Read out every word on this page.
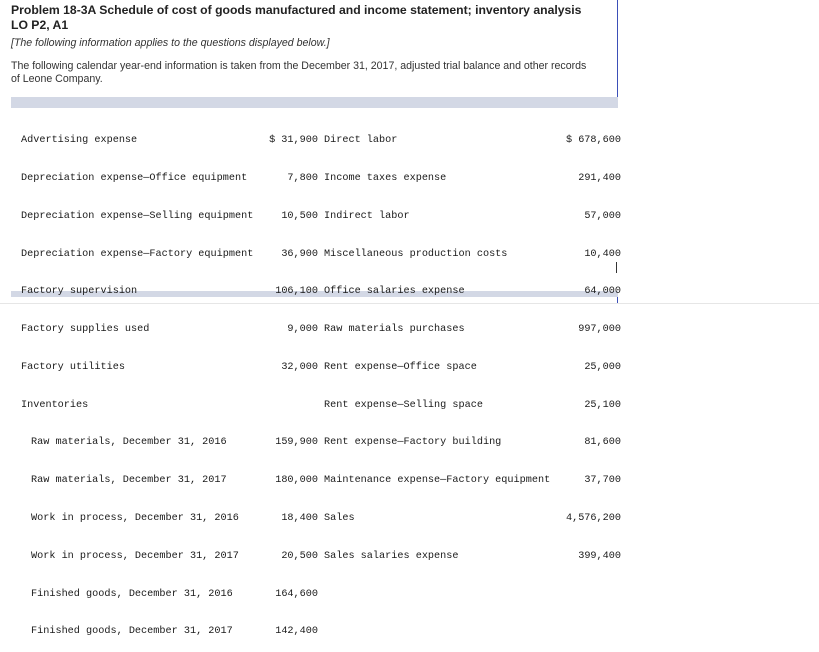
Problem 18-3A Schedule of cost of goods manufactured and income statement; inventory analysis LO P2, A1
[The following information applies to the questions displayed below.]
The following calendar year-end information is taken from the December 31, 2017, adjusted trial balance and other records of Leone Company.

Advertising expense

Depreciation expense—Office equipment

Depreciation expense—Selling equipment

Depreciation expense—Factory equipment

Factory supervision

Factory supplies used

Factory utilities

Inventories

Raw materials, December 31, 2016

Raw materials, December 31, 2017

Work in process, December 31, 2016

Work in process, December 31, 2017

Finished goods, December 31, 2016

Finished goods, December 31, 2017

$ 31,900

7,800

10,500

36,900

106,100

9,000

32,000

159,900

180,000

18,400

20,500

164,600

142,400

Direct labor

Income taxes expense

Indirect labor

Miscellaneous production costs

Office salaries expense

Raw materials purchases

Rent expense—Office space

Rent expense—Selling space

Rent expense—Factory building

Maintenance expense—Factory equipment

Sales

Sales salaries expense

$ 678,600

291,400

57,000

10,400

64,000

997,000

25,000

25,100

81,600

37,700

4,576,200

399,400
